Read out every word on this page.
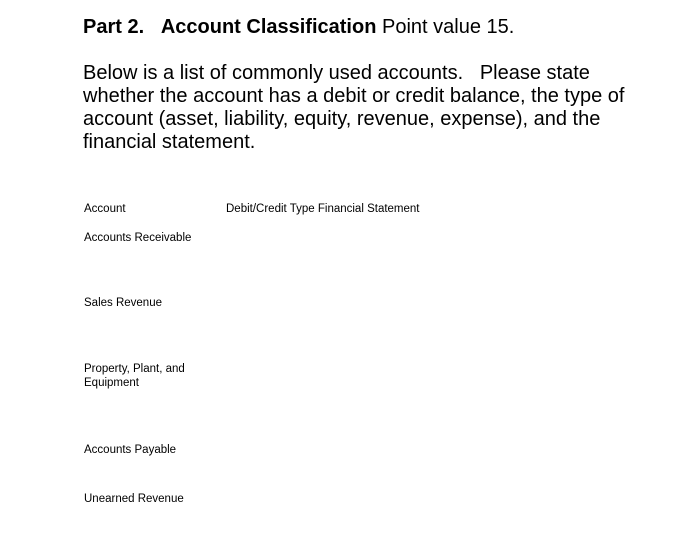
Part 2. Account Classification Point value 15.
Below is a list of commonly used accounts.   Please state whether the account has a debit or credit balance, the type of account (asset, liability, equity, revenue, expense), and the financial statement.
Account	Debit/Credit Type Financial Statement
Accounts Receivable
Sales Revenue
Property, Plant, and Equipment
Accounts Payable
Unearned Revenue
